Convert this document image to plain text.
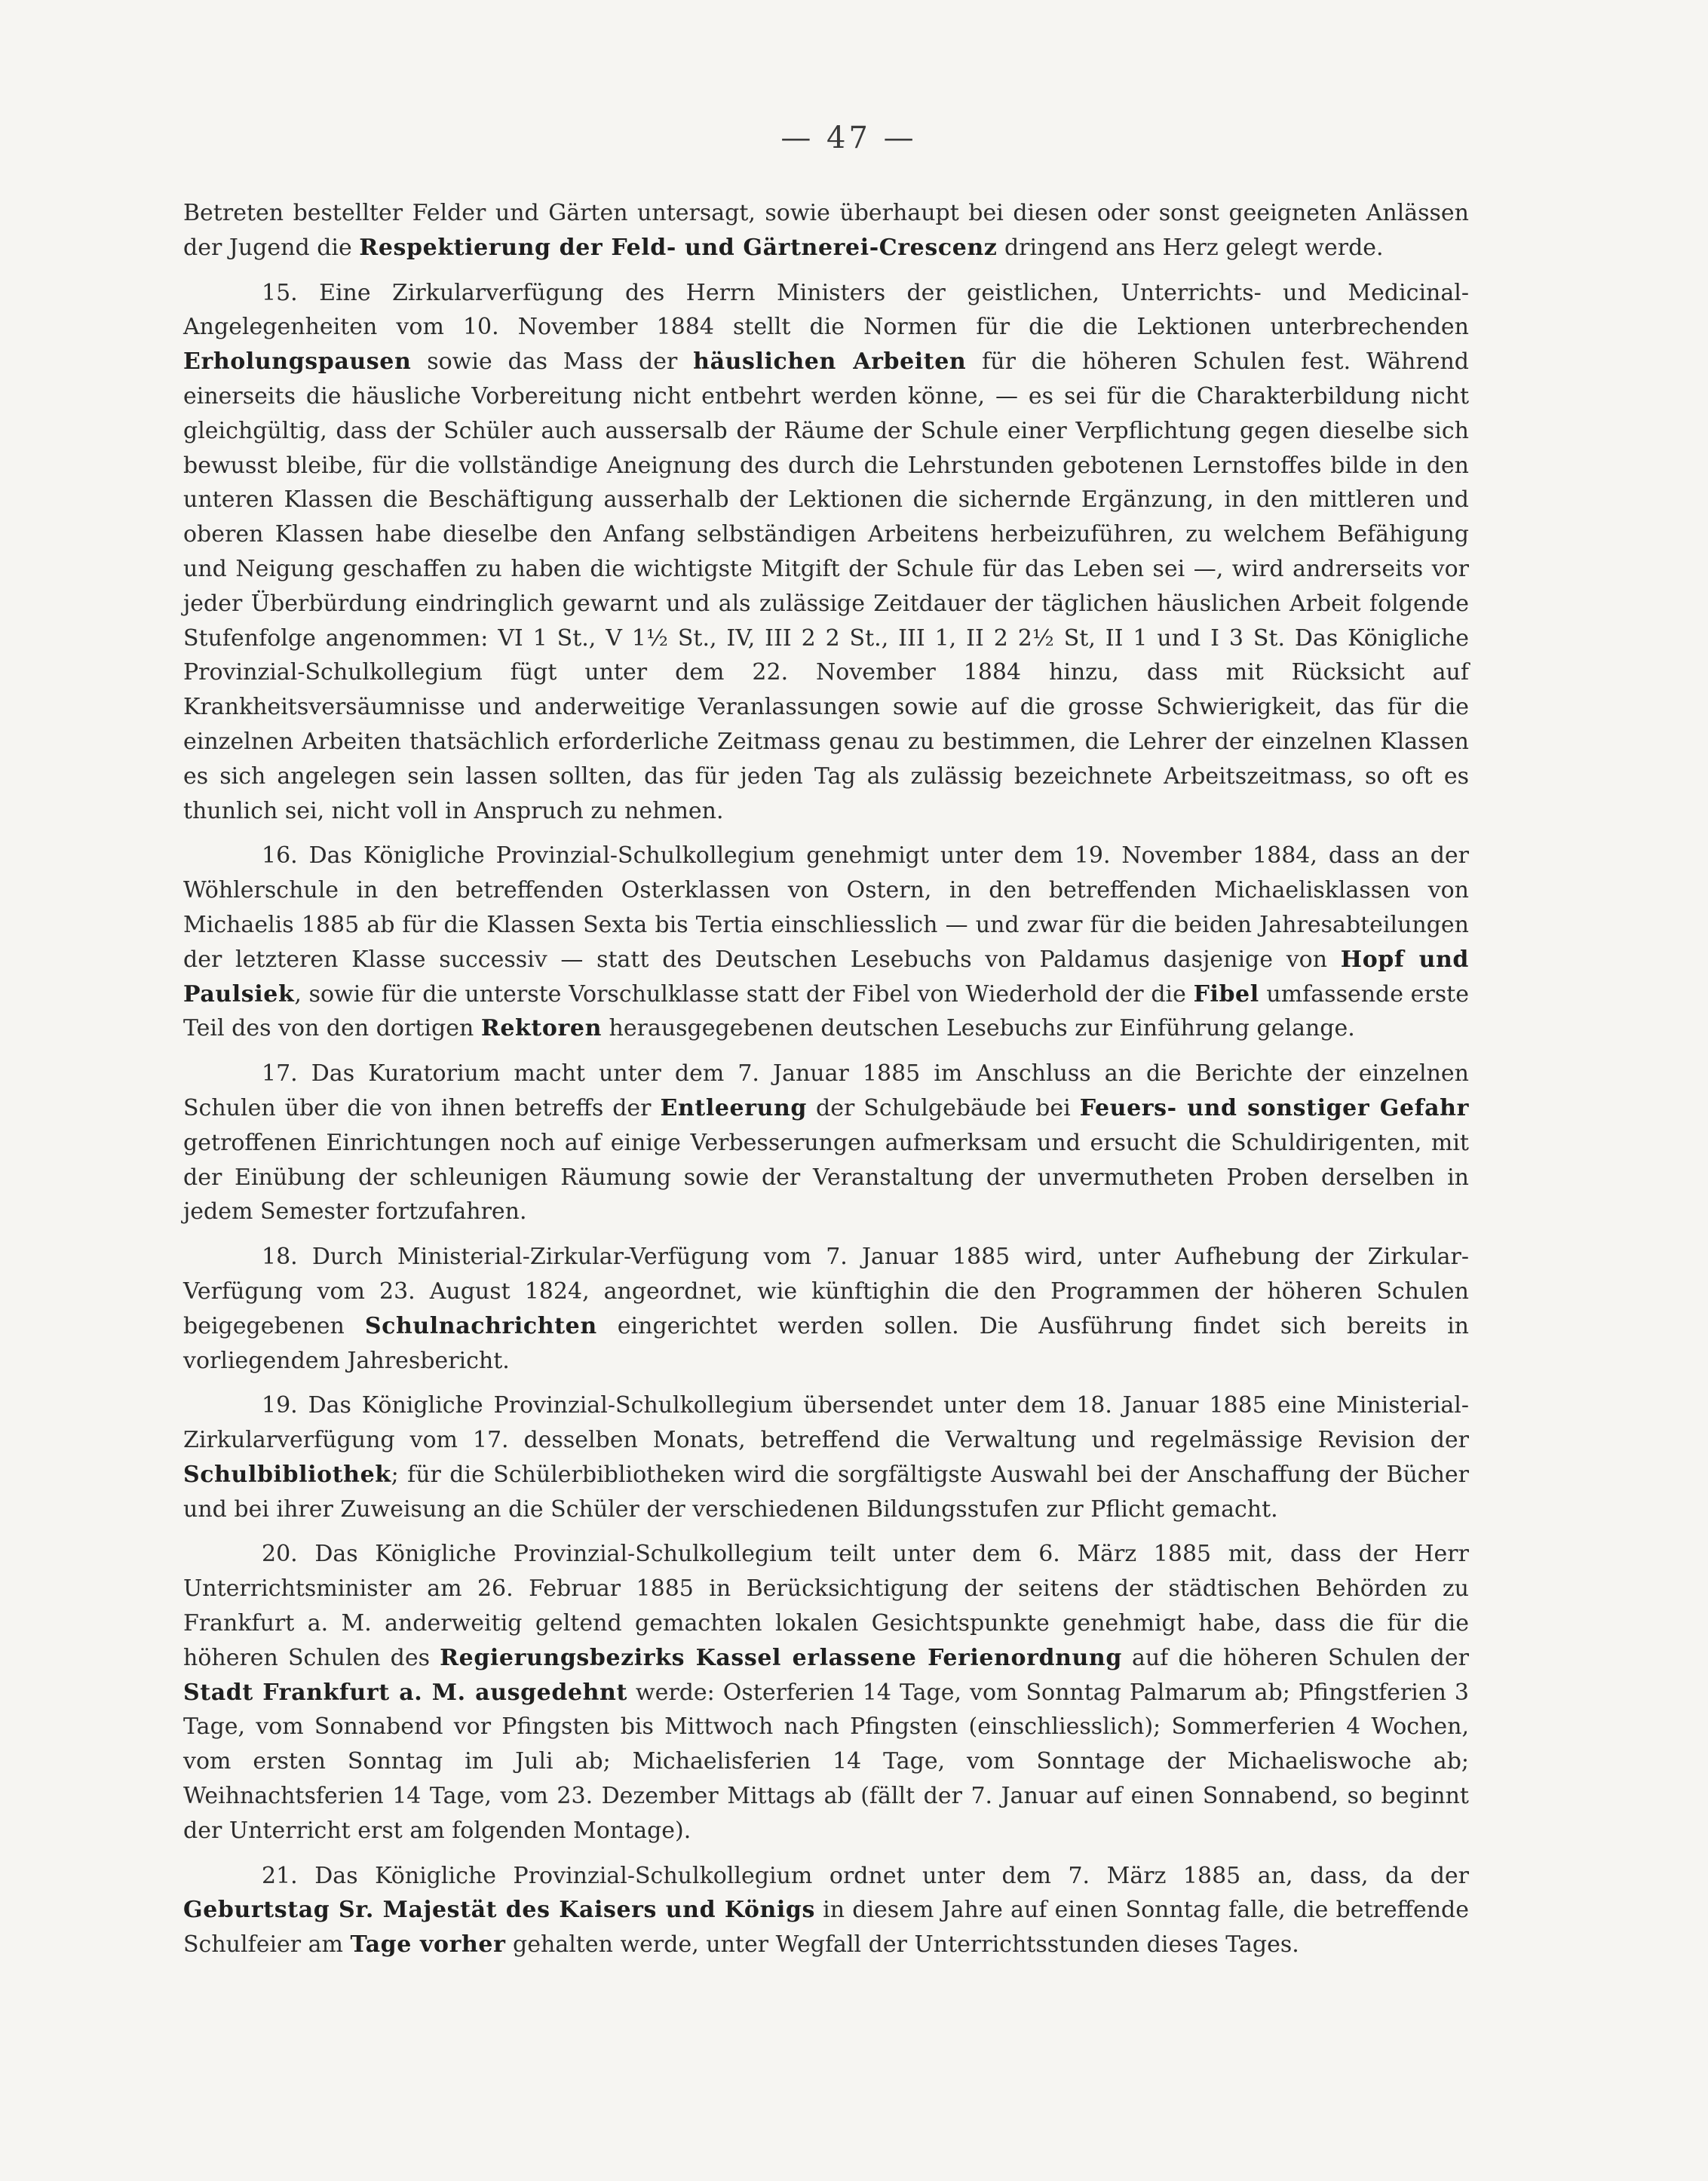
— 47 —

Betreten bestellter Felder und Gärten untersagt, sowie überhaupt bei diesen oder sonst geeigneten Anlässen der Jugend die Respektierung der Feld- und Gärtnerei-Crescenz dringend ans Herz gelegt werde.

15. Eine Zirkularverfügung des Herrn Ministers der geistlichen, Unterrichts- und Medicinal-Angelegenheiten vom 10. November 1884 stellt die Normen für die die Lektionen unterbrechenden Erholungspausen sowie das Mass der häuslichen Arbeiten für die höheren Schulen fest. Während einerseits die häusliche Vorbereitung nicht entbehrt werden könne, — es sei für die Charakterbildung nicht gleichgültig, dass der Schüler auch aussersalb der Räume der Schule einer Verpflichtung gegen dieselbe sich bewusst bleibe, für die vollständige Aneignung des durch die Lehrstunden gebotenen Lernstoffes bilde in den unteren Klassen die Beschäftigung ausserhalb der Lektionen die sichernde Ergänzung, in den mittleren und oberen Klassen habe dieselbe den Anfang selbständigen Arbeitens herbeizuführen, zu welchem Befähigung und Neigung geschaffen zu haben die wichtigste Mitgift der Schule für das Leben sei —, wird andrerseits vor jeder Überbürdung eindringlich gewarnt und als zulässige Zeitdauer der täglichen häuslichen Arbeit folgende Stufenfolge angenommen: VI 1 St., V 1½ St., IV, III 2 2 St., III 1, II 2 2½ St, II 1 und I 3 St. Das Königliche Provinzial-Schulkollegium fügt unter dem 22. November 1884 hinzu, dass mit Rücksicht auf Krankheitsversäumnisse und anderweitige Veranlassungen sowie auf die grosse Schwierigkeit, das für die einzelnen Arbeiten thatsächlich erforderliche Zeitmass genau zu bestimmen, die Lehrer der einzelnen Klassen es sich angelegen sein lassen sollten, das für jeden Tag als zulässig bezeichnete Arbeitszeitmass, so oft es thunlich sei, nicht voll in Anspruch zu nehmen.

16. Das Königliche Provinzial-Schulkollegium genehmigt unter dem 19. November 1884, dass an der Wöhlerschule in den betreffenden Osterklassen von Ostern, in den betreffenden Michaelisklassen von Michaelis 1885 ab für die Klassen Sexta bis Tertia einschliesslich — und zwar für die beiden Jahresabteilungen der letzteren Klasse successiv — statt des Deutschen Lesebuchs von Paldamus dasjenige von Hopf und Paulsiek, sowie für die unterste Vorschulklasse statt der Fibel von Wiederhold der die Fibel umfassende erste Teil des von den dortigen Rektoren herausgegebenen deutschen Lesebuchs zur Einführung gelange.

17. Das Kuratorium macht unter dem 7. Januar 1885 im Anschluss an die Berichte der einzelnen Schulen über die von ihnen betreffs der Entleerung der Schulgebäude bei Feuers- und sonstiger Gefahr getroffenen Einrichtungen noch auf einige Verbesserungen aufmerksam und ersucht die Schuldirigenten, mit der Einübung der schleunigen Räumung sowie der Veranstaltung der unvermutheten Proben derselben in jedem Semester fortzufahren.

18. Durch Ministerial-Zirkular-Verfügung vom 7. Januar 1885 wird, unter Aufhebung der Zirkular-Verfügung vom 23. August 1824, angeordnet, wie künftighin die den Programmen der höheren Schulen beigegebenen Schulnachrichten eingerichtet werden sollen. Die Ausführung findet sich bereits in vorliegendem Jahresbericht.

19. Das Königliche Provinzial-Schulkollegium übersendet unter dem 18. Januar 1885 eine Ministerial-Zirkularverfügung vom 17. desselben Monats, betreffend die Verwaltung und regelmässige Revision der Schulbibliothek; für die Schülerbibliotheken wird die sorgfältigste Auswahl bei der Anschaffung der Bücher und bei ihrer Zuweisung an die Schüler der verschiedenen Bildungsstufen zur Pflicht gemacht.

20. Das Königliche Provinzial-Schulkollegium teilt unter dem 6. März 1885 mit, dass der Herr Unterrichtsminister am 26. Februar 1885 in Berücksichtigung der seitens der städtischen Behörden zu Frankfurt a. M. anderweitig geltend gemachten lokalen Gesichtspunkte genehmigt habe, dass die für die höheren Schulen des Regierungsbezirks Kassel erlassene Ferienordnung auf die höheren Schulen der Stadt Frankfurt a. M. ausgedehnt werde: Osterferien 14 Tage, vom Sonntag Palmarum ab; Pfingstferien 3 Tage, vom Sonnabend vor Pfingsten bis Mittwoch nach Pfingsten (einschliesslich); Sommerferien 4 Wochen, vom ersten Sonntag im Juli ab; Michaelisferien 14 Tage, vom Sonntage der Michaeliswoche ab; Weihnachtsferien 14 Tage, vom 23. Dezember Mittags ab (fällt der 7. Januar auf einen Sonnabend, so beginnt der Unterricht erst am folgenden Montage).

21. Das Königliche Provinzial-Schulkollegium ordnet unter dem 7. März 1885 an, dass, da der Geburtstag Sr. Majestät des Kaisers und Königs in diesem Jahre auf einen Sonntag falle, die betreffende Schulfeier am Tage vorher gehalten werde, unter Wegfall der Unterrichtsstunden dieses Tages.
